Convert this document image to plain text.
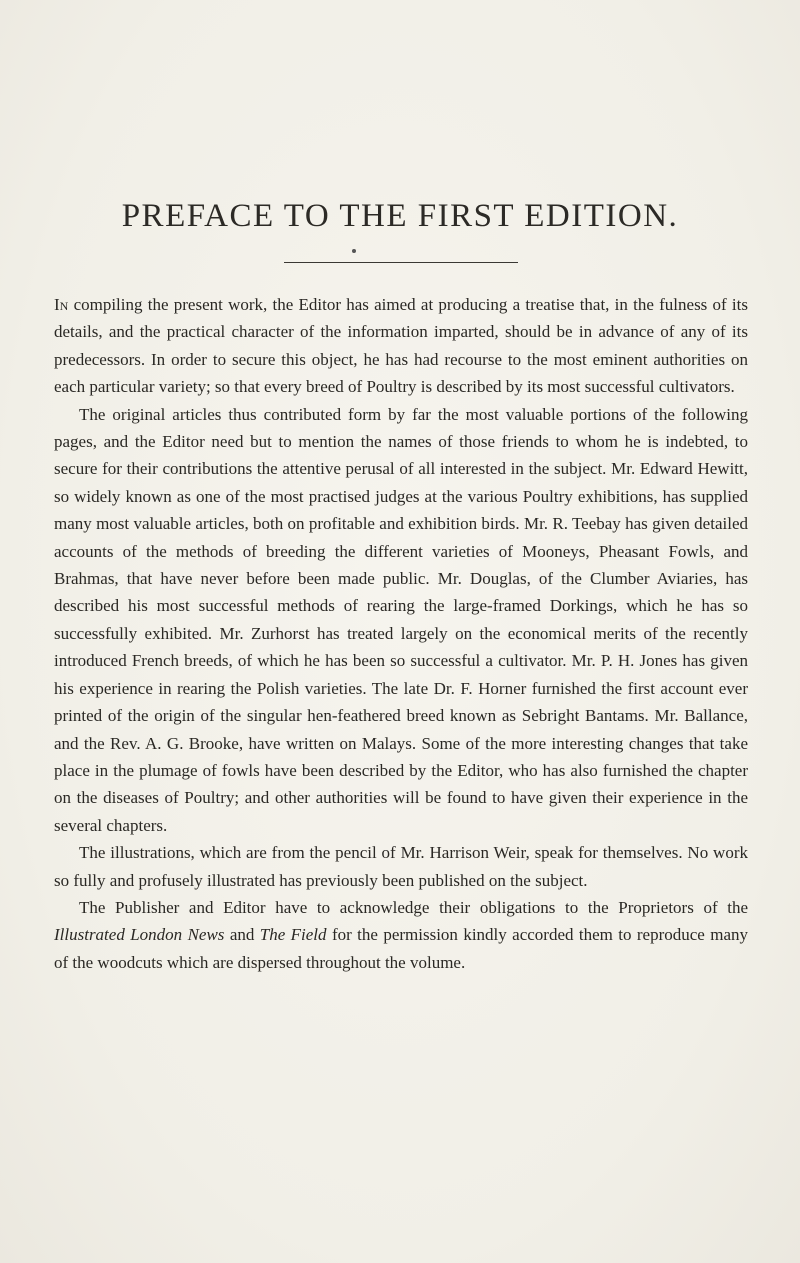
PREFACE TO THE FIRST EDITION.

In compiling the present work, the Editor has aimed at producing a treatise that, in the fulness of its details, and the practical character of the information imparted, should be in advance of any of its predecessors. In order to secure this object, he has had recourse to the most eminent authorities on each particular variety; so that every breed of Poultry is described by its most successful cultivators.

The original articles thus contributed form by far the most valuable portions of the following pages, and the Editor need but to mention the names of those friends to whom he is indebted, to secure for their contributions the attentive perusal of all interested in the subject. Mr. Edward Hewitt, so widely known as one of the most practised judges at the various Poultry exhibitions, has supplied many most valuable articles, both on profitable and exhibition birds. Mr. R. Teebay has given detailed accounts of the methods of breeding the different varieties of Mooneys, Pheasant Fowls, and Brahmas, that have never before been made public. Mr. Douglas, of the Clumber Aviaries, has described his most successful methods of rearing the large-framed Dorkings, which he has so successfully exhibited. Mr. Zurhorst has treated largely on the economical merits of the recently introduced French breeds, of which he has been so successful a cultivator. Mr. P. H. Jones has given his experience in rearing the Polish varieties. The late Dr. F. Horner furnished the first account ever printed of the origin of the singular hen-feathered breed known as Sebright Bantams. Mr. Ballance, and the Rev. A. G. Brooke, have written on Malays. Some of the more interesting changes that take place in the plumage of fowls have been described by the Editor, who has also furnished the chapter on the diseases of Poultry; and other authorities will be found to have given their experience in the several chapters.

The illustrations, which are from the pencil of Mr. Harrison Weir, speak for themselves. No work so fully and profusely illustrated has previously been published on the subject.

The Publisher and Editor have to acknowledge their obligations to the Proprietors of the Illustrated London News and The Field for the permission kindly accorded them to reproduce many of the woodcuts which are dispersed throughout the volume.
